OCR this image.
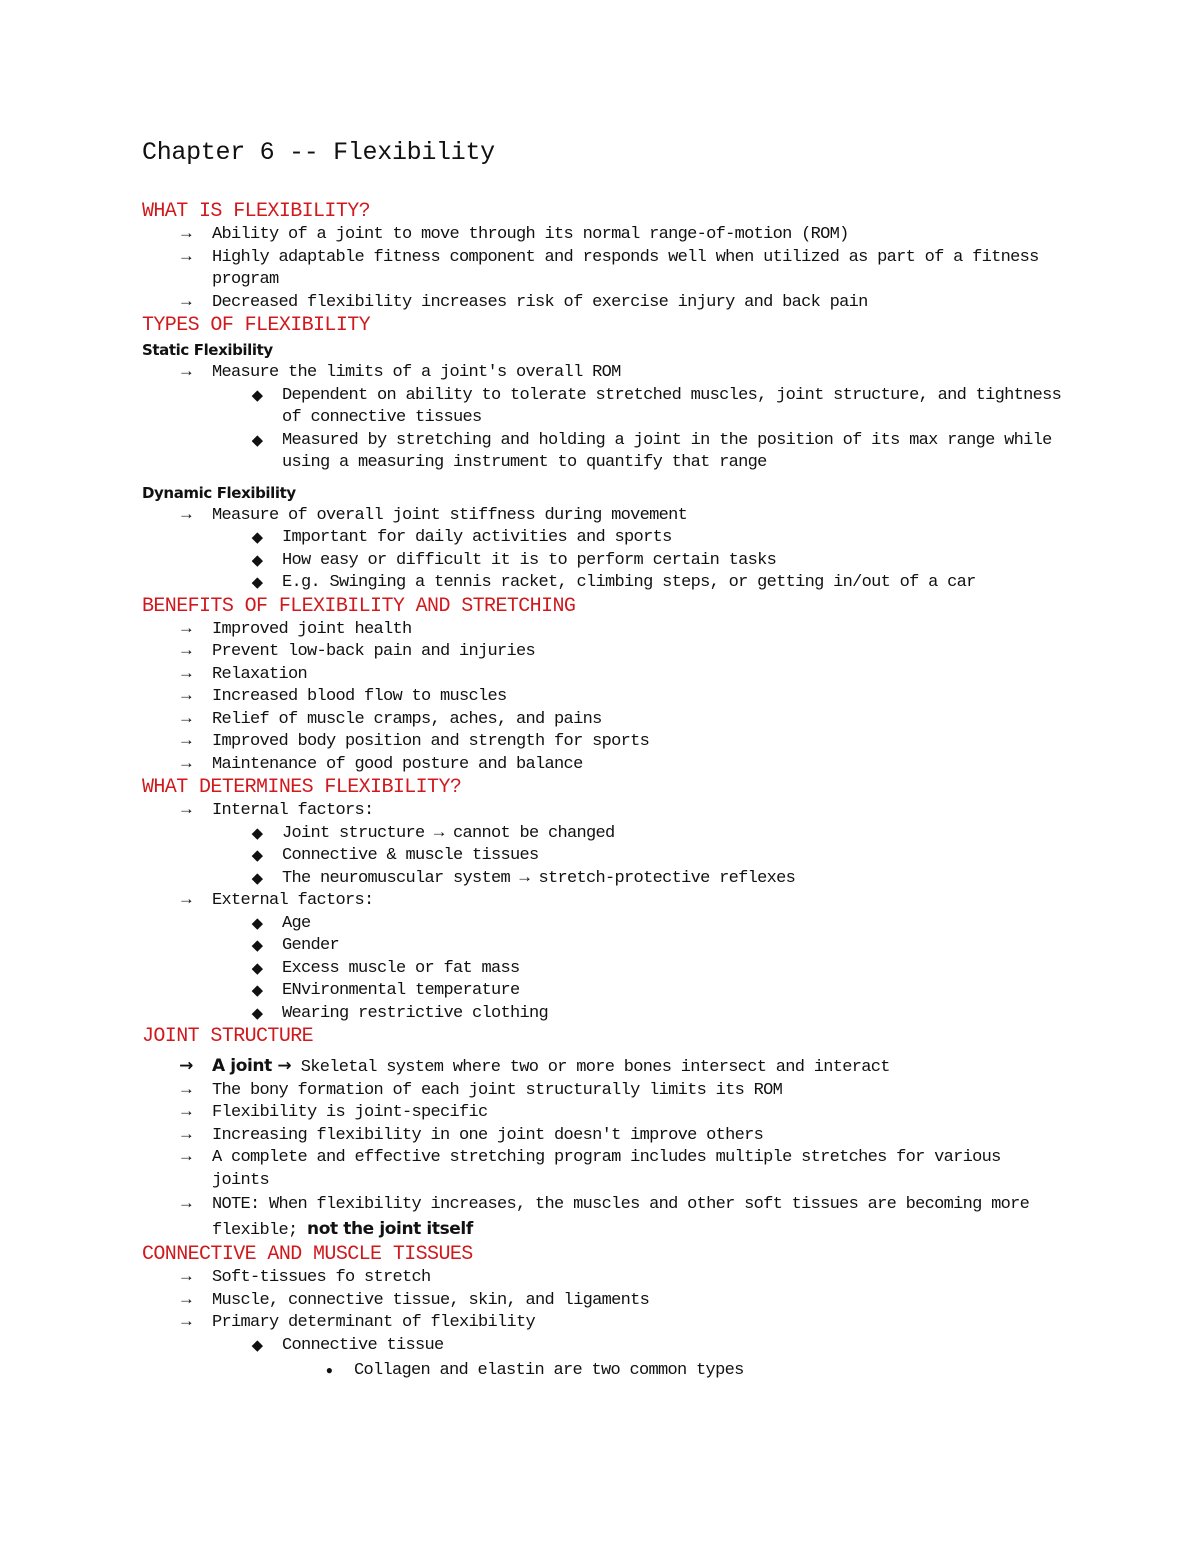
Chapter 6 -- Flexibility
WHAT IS FLEXIBILITY?
→	Ability of a joint to move through its normal range-of-motion (ROM)
→	Highly adaptable fitness component and responds well when utilized as part of a fitness program
→	Decreased flexibility increases risk of exercise injury and back pain
TYPES OF FLEXIBILITY
Static Flexibility
→	Measure the limits of a joint's overall ROM
◆	Dependent on ability to tolerate stretched muscles, joint structure, and tightness of connective tissues
◆	Measured by stretching and holding a joint in the position of its max range while using a measuring instrument to quantify that range
Dynamic Flexibility
→	Measure of overall joint stiffness during movement
◆	Important for daily activities and sports
◆	How easy or difficult it is to perform certain tasks
◆	E.g. Swinging a tennis racket, climbing steps, or getting in/out of a car
BENEFITS OF FLEXIBILITY AND STRETCHING
→	Improved joint health
→	Prevent low-back pain and injuries
→	Relaxation
→	Increased blood flow to muscles
→	Relief of muscle cramps, aches, and pains
→	Improved body position and strength for sports
→	Maintenance of good posture and balance
WHAT DETERMINES FLEXIBILITY?
→	Internal factors:
◆	Joint structure → cannot be changed
◆	Connective & muscle tissues
◆	The neuromuscular system → stretch-protective reflexes
→	External factors:
◆	Age
◆	Gender
◆	Excess muscle or fat mass
◆	ENvironmental temperature
◆	Wearing restrictive clothing
JOINT STRUCTURE
→ A joint → Skeletal system where two or more bones intersect and interact
→	The bony formation of each joint structurally limits its ROM
→	Flexibility is joint-specific
→	Increasing flexibility in one joint doesn't improve others
→	A complete and effective stretching program includes multiple stretches for various joints
→	NOTE: When flexibility increases, the muscles and other soft tissues are becoming more flexible; not the joint itself
CONNECTIVE AND MUSCLE TISSUES
→	Soft-tissues fo stretch
→	Muscle, connective tissue, skin, and ligaments
→	Primary determinant of flexibility
◆	Connective tissue
●	Collagen and elastin are two common types
